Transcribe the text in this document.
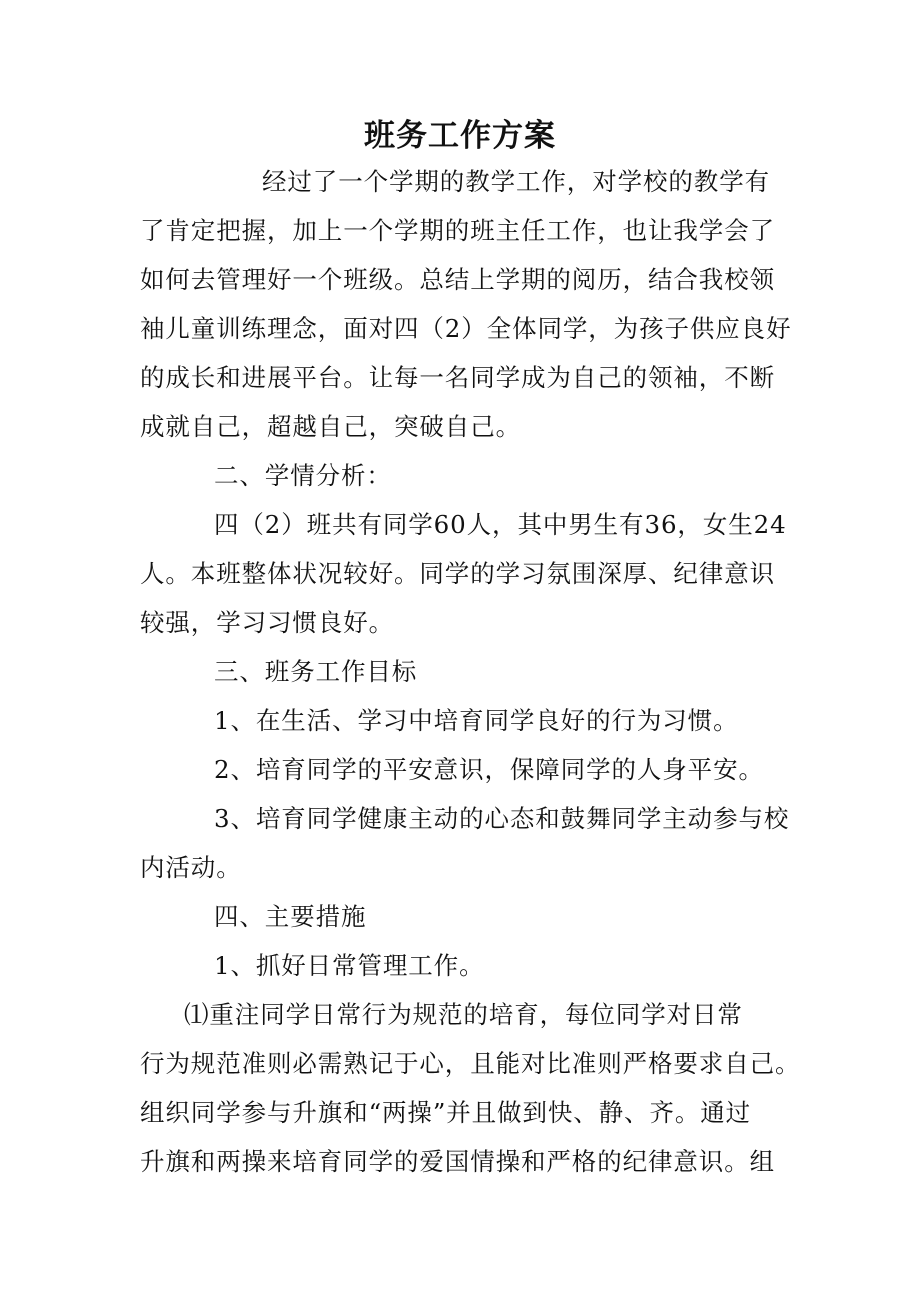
班务工作方案

经过了一个学期的教学工作，对学校的教学有

了肯定把握，加上一个学期的班主任工作，也让我学会了

如何去管理好一个班级。总结上学期的阅历，结合我校领

袖儿童训练理念，面对四（2）全体同学，为孩子供应良好

的成长和进展平台。让每一名同学成为自己的领袖，不断

成就自己，超越自己，突破自己。

二、学情分析：

四（2）班共有同学60人，其中男生有36，女生24

人。本班整体状况较好。同学的学习氛围深厚、纪律意识

较强，学习习惯良好。

三、班务工作目标

1、在生活、学习中培育同学良好的行为习惯。

2、培育同学的平安意识，保障同学的人身平安。

3、培育同学健康主动的心态和鼓舞同学主动参与校

内活动。

四、主要措施

1、抓好日常管理工作。

⑴重注同学日常行为规范的培育，每位同学对日常

行为规范准则必需熟记于心，且能对比准则严格要求自己。

组织同学参与升旗和“两操”并且做到快、静、齐。通过

升旗和两操来培育同学的爱国情操和严格的纪律意识。组
